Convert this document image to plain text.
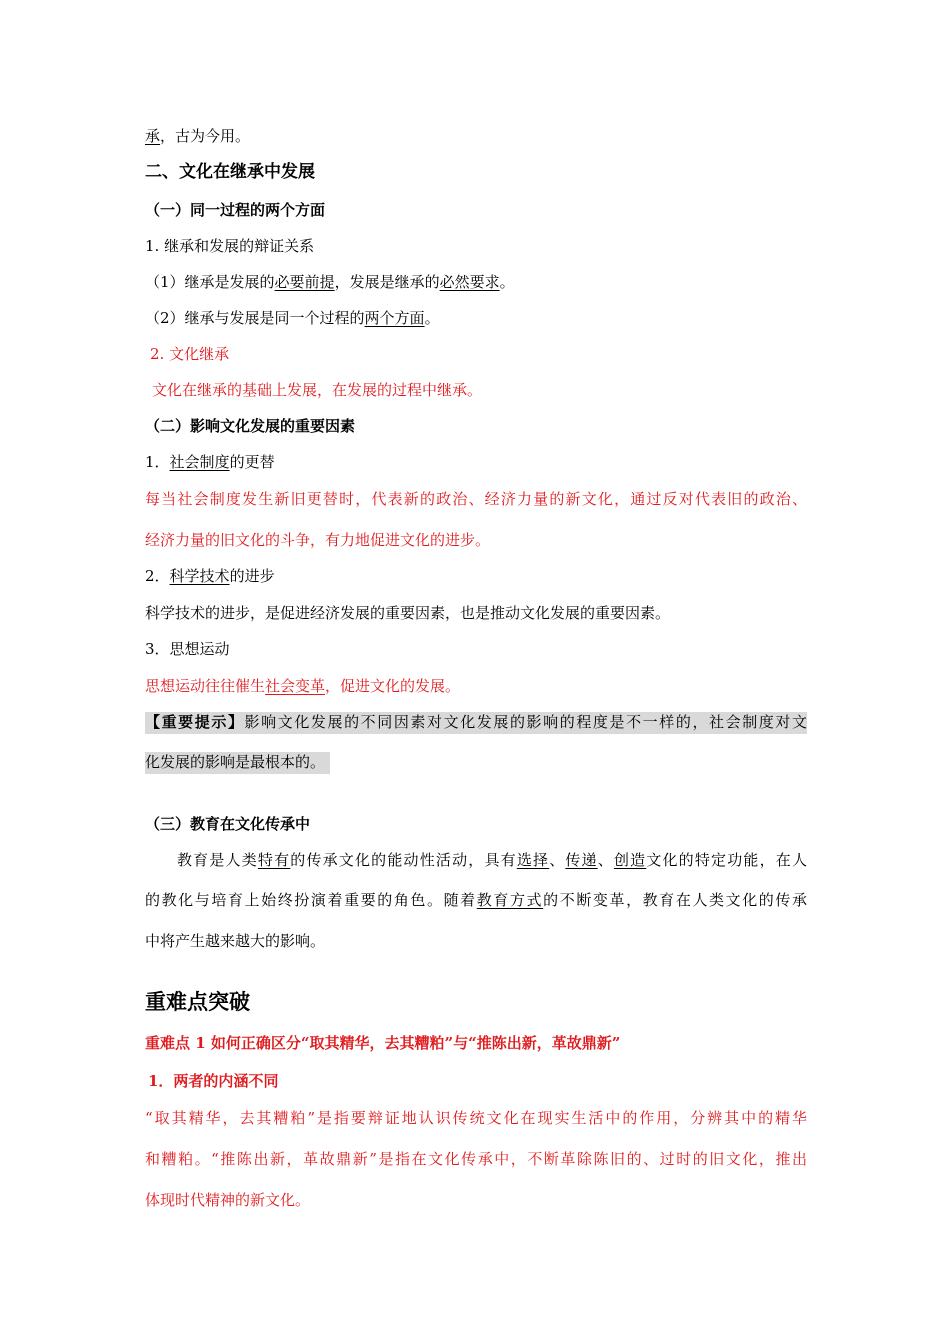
承，古为今用。
二、文化在继承中发展
（一）同一过程的两个方面
1. 继承和发展的辩证关系
（1）继承是发展的必要前提，发展是继承的必然要求。
（2）继承与发展是同一个过程的两个方面。
2. 文化继承
文化在继承的基础上发展，在发展的过程中继承。
（二）影响文化发展的重要因素
1．社会制度的更替
每当社会制度发生新旧更替时，代表新的政治、经济力量的新文化，通过反对代表旧的政治、
经济力量的旧文化的斗争，有力地促进文化的进步。
2．科学技术的进步
科学技术的进步，是促进经济发展的重要因素，也是推动文化发展的重要因素。
3．思想运动
思想运动往往催生社会变革，促进文化的发展。
【重要提示】影响文化发展的不同因素对文化发展的影响的程度是不一样的，社会制度对文
化发展的影响是最根本的。
（三）教育在文化传承中
教育是人类特有的传承文化的能动性活动，具有选择、传递、创造文化的特定功能，在人
的教化与培育上始终扮演着重要的角色。随着教育方式的不断变革，教育在人类文化的传承
中将产生越来越大的影响。
重难点突破
重难点 1 如何正确区分“取其精华，去其糟粕”与“推陈出新，革故鼎新”
1．两者的内涵不同
“取其精华，去其糟粕”是指要辩证地认识传统文化在现实生活中的作用，分辨其中的精华
和糟粕。“推陈出新，革故鼎新”是指在文化传承中，不断革除陈旧的、过时的旧文化，推出
体现时代精神的新文化。
